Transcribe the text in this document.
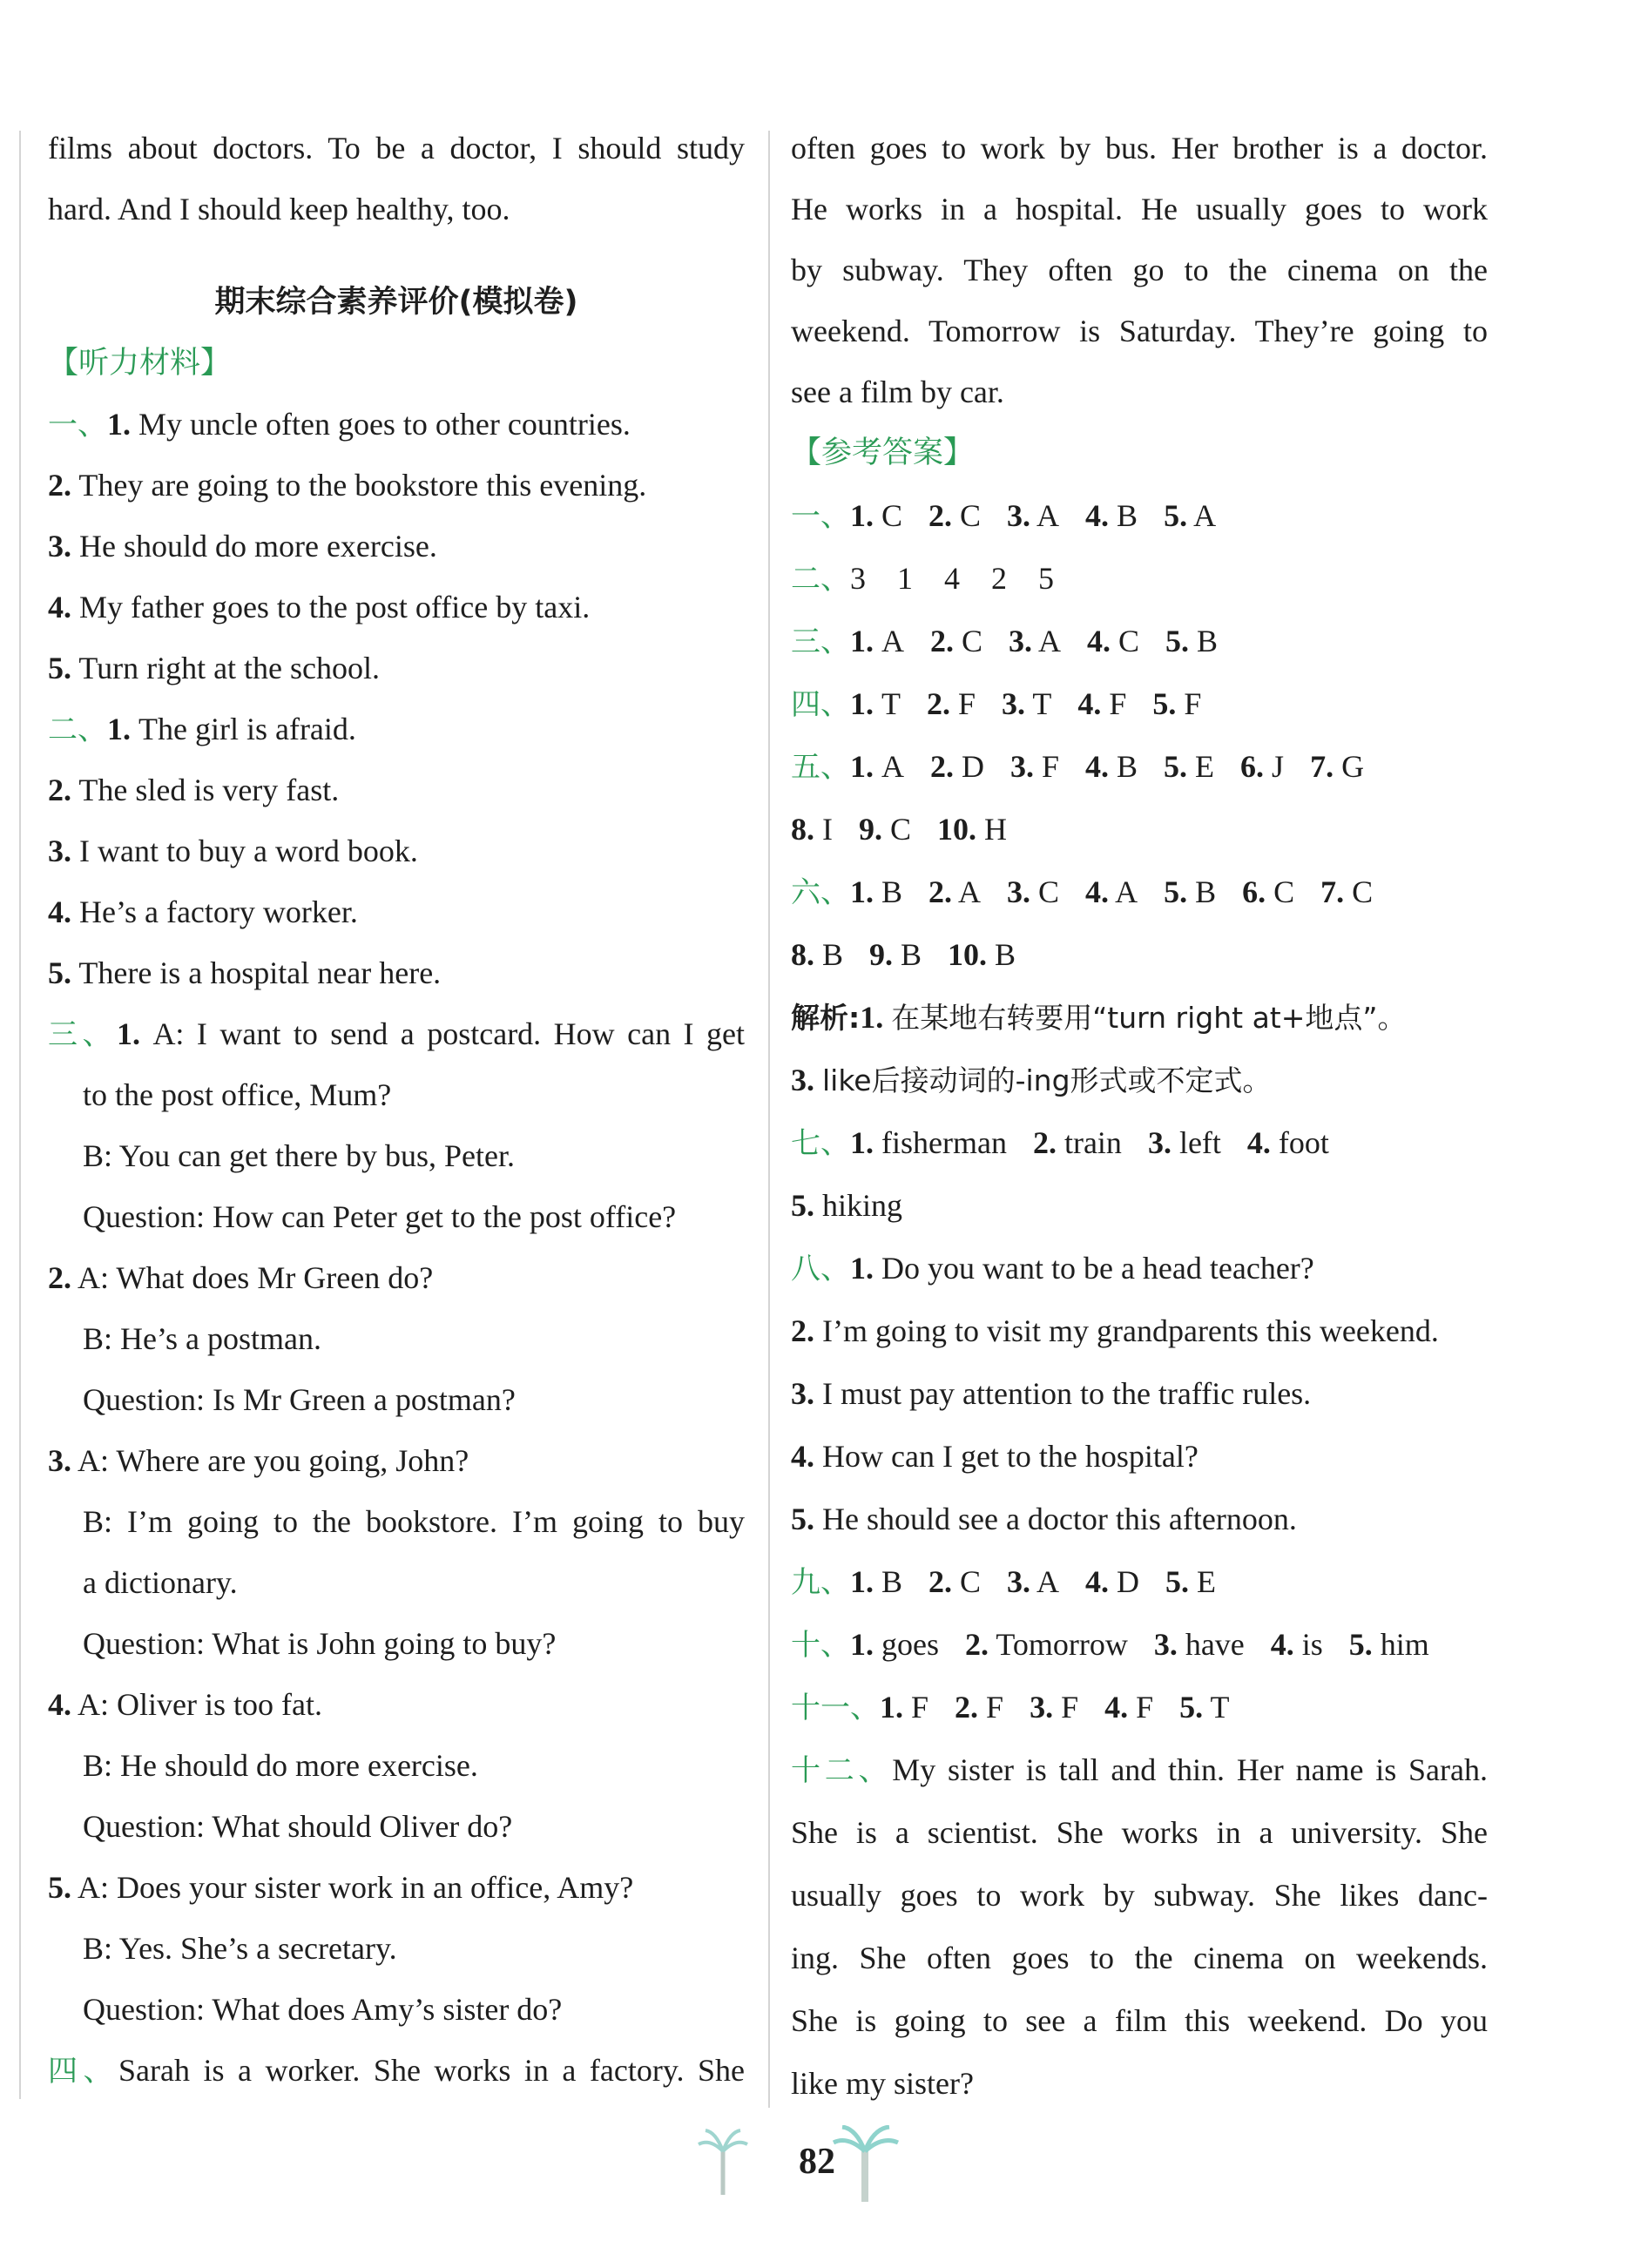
films about doctors. To be a doctor, I should study
hard. And I should keep healthy, too.
期末综合素养评价(模拟卷)
【听力材料】
一、1. My uncle often goes to other countries.
2. They are going to the bookstore this evening.
3. He should do more exercise.
4. My father goes to the post office by taxi.
5. Turn right at the school.
二、1. The girl is afraid.
2. The sled is very fast.
3. I want to buy a word book.
4. He’s a factory worker.
5. There is a hospital near here.
三、1. A: I want to send a postcard. How can I get
to the post office, Mum?
B: You can get there by bus, Peter.
Question: How can Peter get to the post office?
2. A: What does Mr Green do?
B: He’s a postman.
Question: Is Mr Green a postman?
3. A: Where are you going, John?
B: I’m going to the bookstore. I’m going to buy
a dictionary.
Question: What is John going to buy?
4. A: Oliver is too fat.
B: He should do more exercise.
Question: What should Oliver do?
5. A: Does your sister work in an office, Amy?
B: Yes. She’s a secretary.
Question: What does Amy’s sister do?
四、Sarah is a worker. She works in a factory. She
often goes to work by bus. Her brother is a doctor.
He works in a hospital. He usually goes to work
by subway. They often go to the cinema on the
weekend. Tomorrow is Saturday. They’re going to
see a film by car.
【参考答案】
一、1. C 2. C 3. A 4. B 5. A
二、3　1　4　2　5
三、1. A 2. C 3. A 4. C 5. B
四、1. T 2. F 3. T 4. F 5. F
五、1. A 2. D 3. F 4. B 5. E 6. J 7. G
8. I 9. C 10. H
六、1. B 2. A 3. C 4. A 5. B 6. C 7. C
8. B 9. B 10. B
解析:1. 在某地右转要用“turn right at+地点”。
3. like后接动词的-ing形式或不定式。
七、1. fisherman 2. train 3. left 4. foot
5. hiking
八、1. Do you want to be a head teacher?
2. I’m going to visit my grandparents this weekend.
3. I must pay attention to the traffic rules.
4. How can I get to the hospital?
5. He should see a doctor this afternoon.
九、1. B 2. C 3. A 4. D 5. E
十、1. goes 2. Tomorrow 3. have 4. is 5. him
十一、1. F 2. F 3. F 4. F 5. T
十二、My sister is tall and thin. Her name is Sarah.
She is a scientist. She works in a university. She
usually goes to work by subway. She likes danc-
ing. She often goes to the cinema on weekends.
She is going to see a film this weekend. Do you
like my sister?
82
